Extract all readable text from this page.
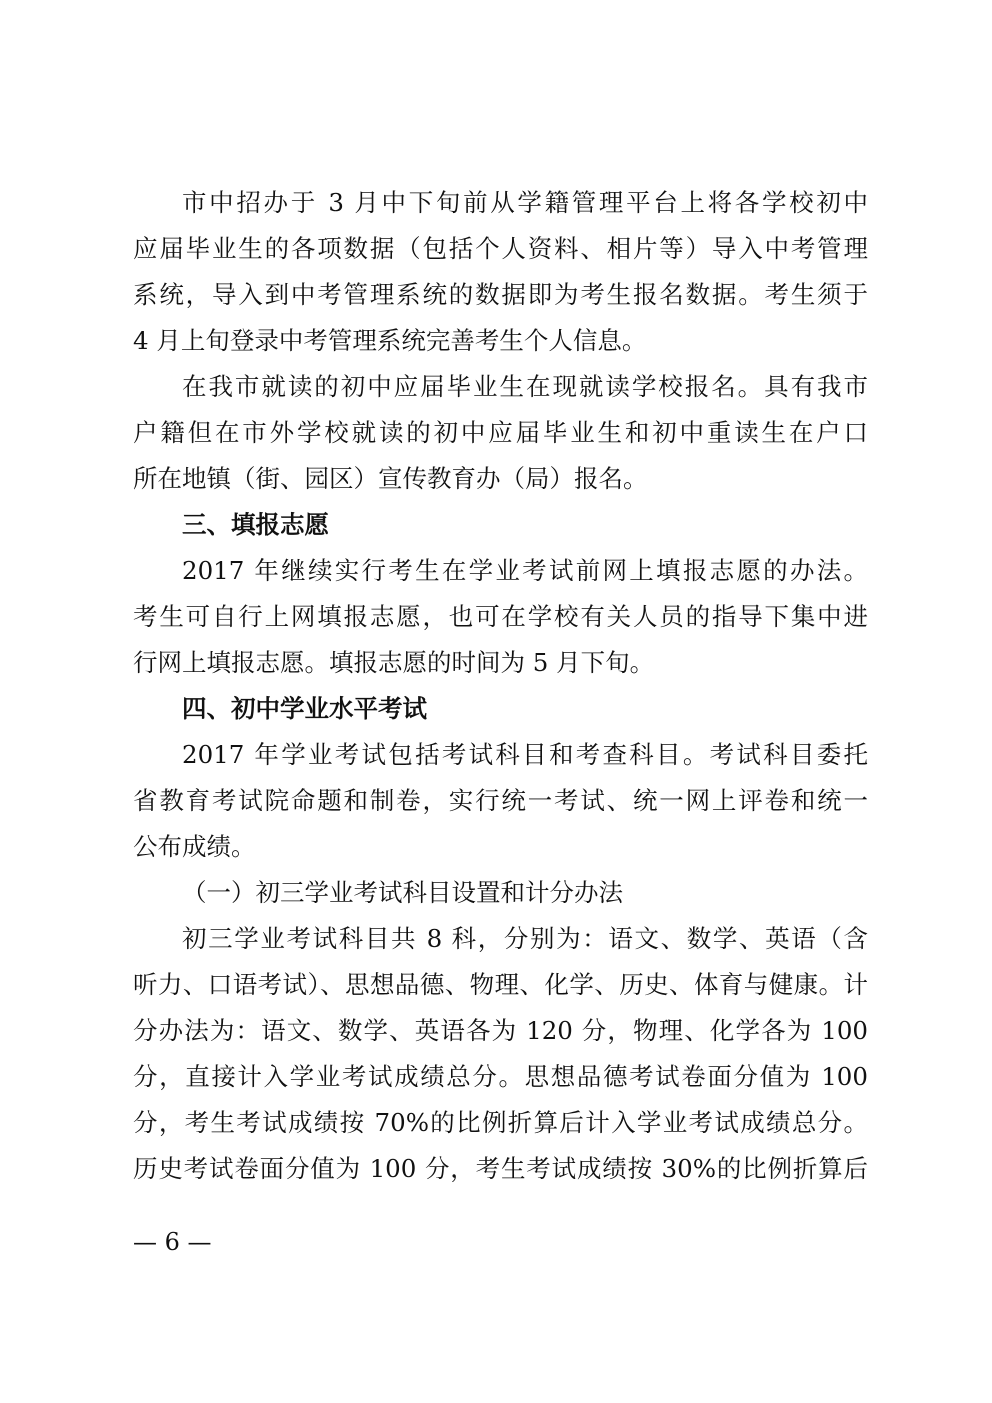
市中招办于 3 月中下旬前从学籍管理平台上将各学校初中
应届毕业生的各项数据（包括个人资料、相片等）导入中考管理
系统，导入到中考管理系统的数据即为考生报名数据。考生须于
4 月上旬登录中考管理系统完善考生个人信息。
在我市就读的初中应届毕业生在现就读学校报名。具有我市
户籍但在市外学校就读的初中应届毕业生和初中重读生在户口
所在地镇（街、园区）宣传教育办（局）报名。
三、填报志愿
2017 年继续实行考生在学业考试前网上填报志愿的办法。
考生可自行上网填报志愿，也可在学校有关人员的指导下集中进
行网上填报志愿。填报志愿的时间为 5 月下旬。
四、初中学业水平考试
2017 年学业考试包括考试科目和考查科目。考试科目委托
省教育考试院命题和制卷，实行统一考试、统一网上评卷和统一
公布成绩。
（一）初三学业考试科目设置和计分办法
初三学业考试科目共 8 科，分别为：语文、数学、英语（含
听力、口语考试）、思想品德、物理、化学、历史、体育与健康。计
分办法为：语文、数学、英语各为 120 分，物理、化学各为 100
分，直接计入学业考试成绩总分。思想品德考试卷面分值为 100
分，考生考试成绩按 70%的比例折算后计入学业考试成绩总分。
历史考试卷面分值为 100 分，考生考试成绩按 30%的比例折算后
— 6 —
